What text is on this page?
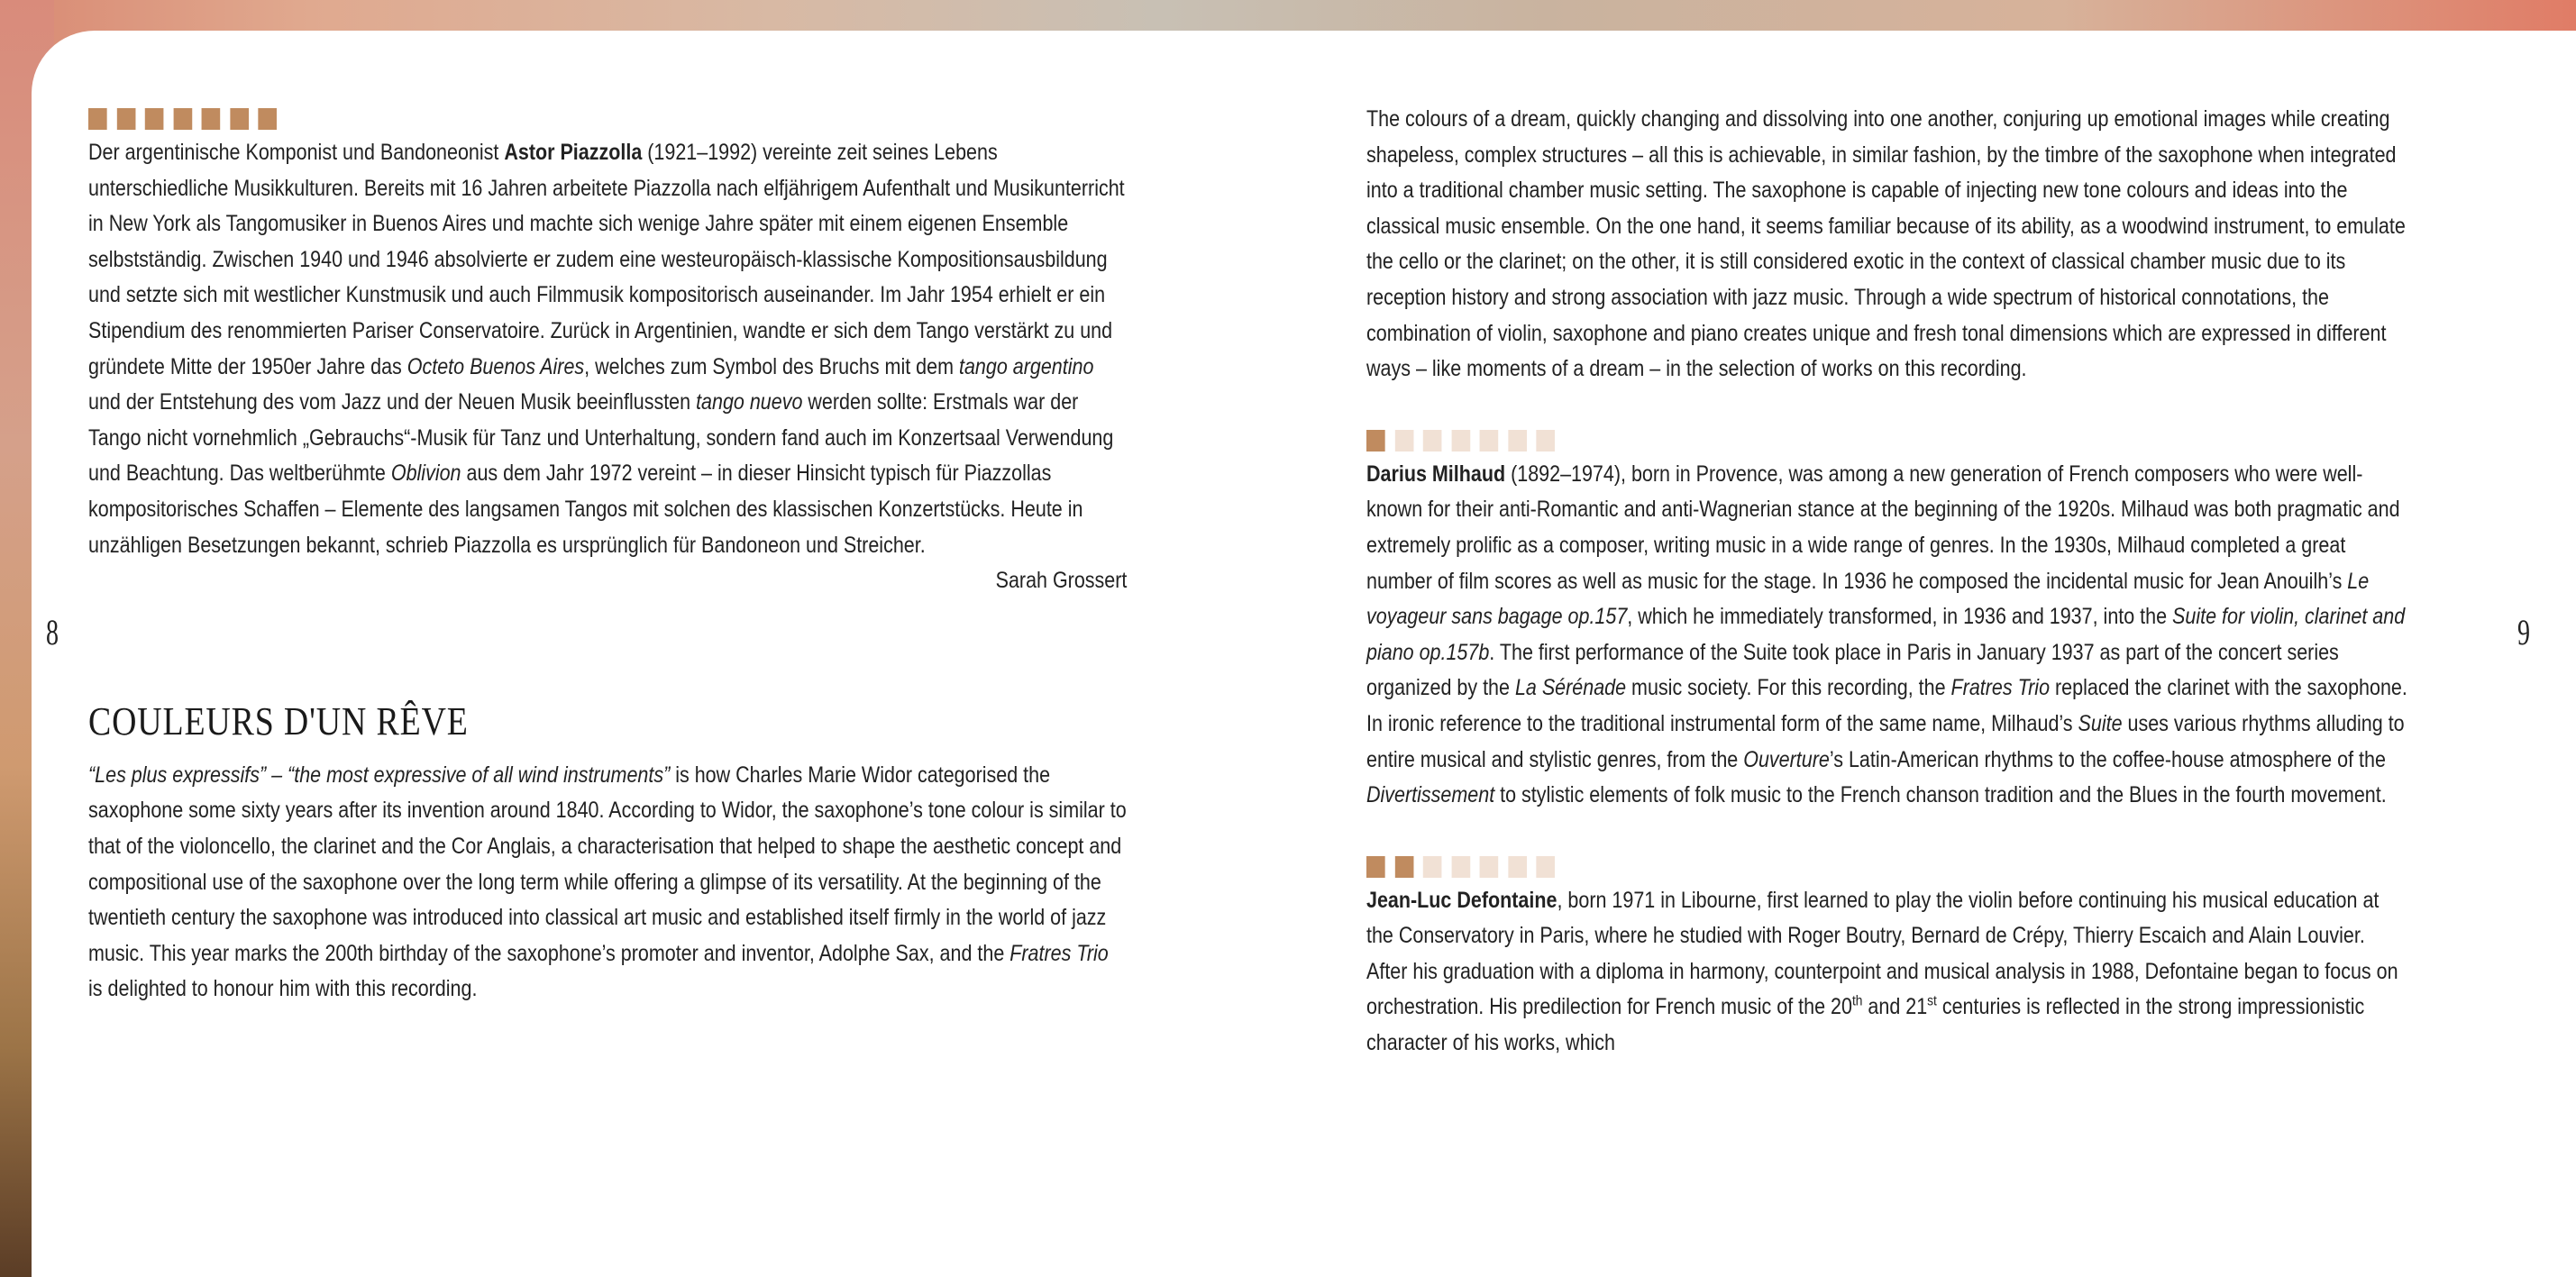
8	9

Der argentinische Komponist und Bandoneonist Astor Piazzolla (1921–1992) vereinte zeit seines Lebens unterschiedliche Musikkulturen. Bereits mit 16 Jahren arbeitete Piazzolla nach elfjährigem Aufenthalt und Musikunterricht in New York als Tangomusiker in Buenos Aires und machte sich wenige Jahre später mit einem eigenen Ensemble selbstständig. Zwischen 1940 und 1946 absolvierte er zudem eine westeuropäisch-klassische Kompositionsausbildung und setzte sich mit westlicher Kunstmusik und auch Filmmusik kompositorisch auseinander. Im Jahr 1954 erhielt er ein Stipendium des renommierten Pariser Conservatoire. Zurück in Argentinien, wandte er sich dem Tango verstärkt zu und gründete Mitte der 1950er Jahre das Octeto Buenos Aires, welches zum Symbol des Bruchs mit dem tango argentino und der Entstehung des vom Jazz und der Neuen Musik beeinflussten tango nuevo werden sollte: Erstmals war der Tango nicht vornehmlich „Gebrauchs“-Musik für Tanz und Unterhaltung, sondern fand auch im Konzertsaal Verwendung und Beachtung. Das weltberühmte Oblivion aus dem Jahr 1972 vereint – in dieser Hinsicht typisch für Piazzollas kompositorisches Schaffen – Elemente des langsamen Tangos mit solchen des klassischen Konzertstücks. Heute in unzähligen Besetzungen bekannt, schrieb Piazzolla es ursprünglich für Bandoneon und Streicher.

Sarah Grossert

COULEURS D'UN RÊVE

“Les plus expressifs” – “the most expressive of all wind instruments” is how Charles Marie Widor categorised the saxophone some sixty years after its invention around 1840. According to Widor, the saxophone’s tone colour is similar to that of the violoncello, the clarinet and the Cor Anglais, a characterisation that helped to shape the aesthetic concept and compositional use of the saxophone over the long term while offering a glimpse of its versatility. At the beginning of the twentieth century the saxophone was introduced into classical art music and established itself firmly in the world of jazz music. This year marks the 200th birthday of the saxophone’s promoter and inventor, Adolphe Sax, and the Fratres Trio is delighted to honour him with this recording.

The colours of a dream, quickly changing and dissolving into one another, conjuring up emotional images while creating shapeless, complex structures – all this is achievable, in similar fashion, by the timbre of the saxophone when integrated into a traditional chamber music setting. The saxophone is capable of injecting new tone colours and ideas into the classical music ensemble. On the one hand, it seems familiar because of its ability, as a woodwind instrument, to emulate the cello or the clarinet; on the other, it is still considered exotic in the context of classical chamber music due to its reception history and strong association with jazz music. Through a wide spectrum of historical connotations, the combination of violin, saxophone and piano creates unique and fresh tonal dimensions which are expressed in different ways – like moments of a dream – in the selection of works on this recording.

Darius Milhaud (1892–1974), born in Provence, was among a new generation of French composers who were well-known for their anti-Romantic and anti-Wagnerian stance at the beginning of the 1920s. Milhaud was both pragmatic and extremely prolific as a composer, writing music in a wide range of genres. In the 1930s, Milhaud completed a great number of film scores as well as music for the stage. In 1936 he composed the incidental music for Jean Anouilh’s Le voyageur sans bagage op.157, which he immediately transformed, in 1936 and 1937, into the Suite for violin, clarinet and piano op.157b. The first performance of the Suite took place in Paris in January 1937 as part of the concert series organized by the La Sérénade music society. For this recording, the Fratres Trio replaced the clarinet with the saxophone. In ironic reference to the traditional instrumental form of the same name, Milhaud’s Suite uses various rhythms alluding to entire musical and stylistic genres, from the Ouverture’s Latin-American rhythms to the coffee-house atmosphere of the Divertissement to stylistic elements of folk music to the French chanson tradition and the Blues in the fourth movement.

Jean-Luc Defontaine, born 1971 in Libourne, first learned to play the violin before continuing his musical education at the Conservatory in Paris, where he studied with Roger Boutry, Bernard de Crépy, Thierry Escaich and Alain Louvier. After his graduation with a diploma in harmony, counterpoint and musical analysis in 1988, Defontaine began to focus on orchestration. His predilection for French music of the 20th and 21st centuries is reflected in the strong impressionistic character of his works, which
